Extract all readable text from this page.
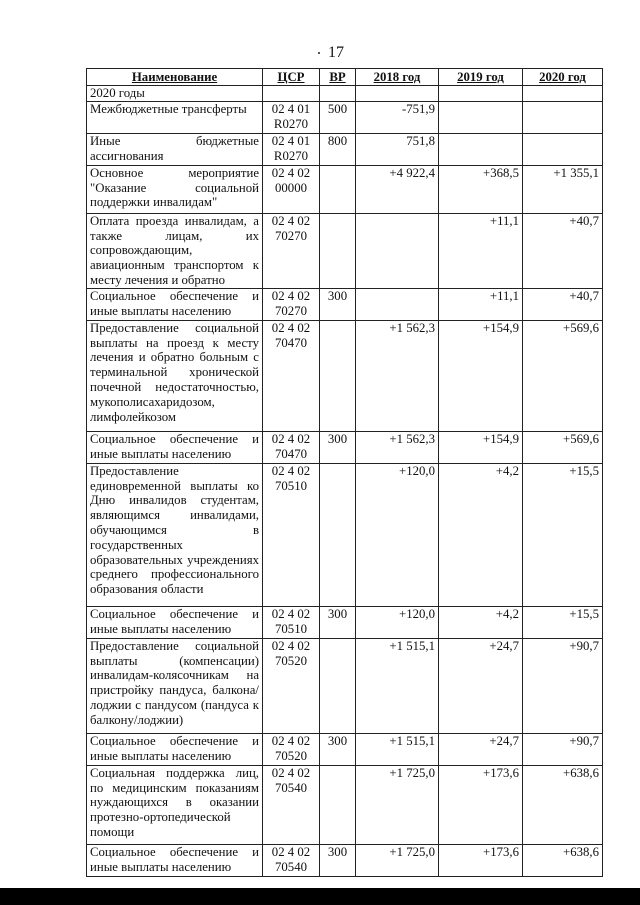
17
Наименование	ЦСР	ВР	2018 год	2019 год	2020 год
2020 годы					
Межбюджетные трансферты	02 4 01 R0270	500	-751,9		
Иные бюджетные ассигнования	02 4 01 R0270	800	751,8		
Основное мероприятие "Оказание социальной поддержки инвалидам"	02 4 02 00000		+4 922,4	+368,5	+1 355,1
Оплата проезда инвалидам, а также лицам, их сопровождающим, авиационным транспортом к месту лечения и обратно	02 4 02 70270			+11,1	+40,7
Социальное обеспечение и иные выплаты населению	02 4 02 70270	300		+11,1	+40,7
Предоставление социальной выплаты на проезд к месту лечения и обратно больным с терминальной хронической почечной недостаточностью, мукополисахаридозом, лимфолейкозом	02 4 02 70470		+1 562,3	+154,9	+569,6
Социальное обеспечение и иные выплаты населению	02 4 02 70470	300	+1 562,3	+154,9	+569,6
Предоставление единовременной выплаты ко Дню инвалидов студентам, являющимся инвалидами, обучающимся в государственных образовательных учреждениях среднего профессионального образования области	02 4 02 70510		+120,0	+4,2	+15,5
Социальное обеспечение и иные выплаты населению	02 4 02 70510	300	+120,0	+4,2	+15,5
Предоставление социальной выплаты (компенсации) инвалидам-колясочникам на пристройку пандуса, балкона/лоджии с пандусом (пандуса к балкону/лоджии)	02 4 02 70520		+1 515,1	+24,7	+90,7
Социальное обеспечение и иные выплаты населению	02 4 02 70520	300	+1 515,1	+24,7	+90,7
Социальная поддержка лиц, по медицинским показаниям нуждающихся в оказании протезно-ортопедической помощи	02 4 02 70540		+1 725,0	+173,6	+638,6
Социальное обеспечение и иные выплаты населению	02 4 02 70540	300	+1 725,0	+173,6	+638,6
